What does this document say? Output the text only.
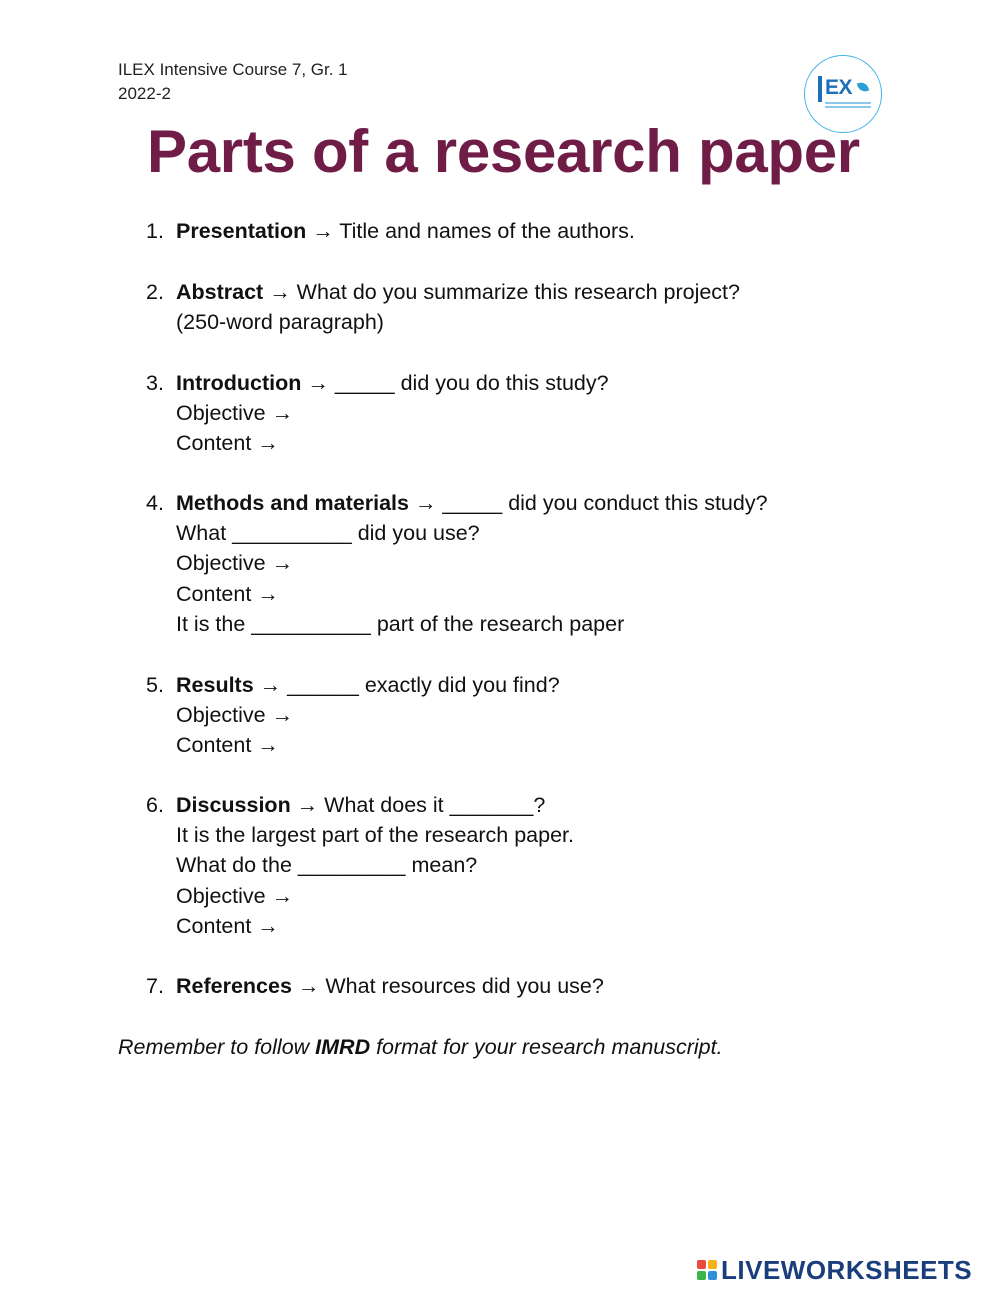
ILEX Intensive Course 7, Gr. 1
2022-2	EX
Parts of a research paper
1. Presentation → Title and names of the authors.
2. Abstract → What do you summarize this research project?
(250-word paragraph)
3. Introduction → _____ did you do this study?
Objective →
Content →
4. Methods and materials → _____ did you conduct this study?
What __________ did you use?
Objective →
Content →
It is the __________ part of the research paper
5. Results → ______ exactly did you find?
Objective →
Content →
6. Discussion → What does it _______?
It is the largest part of the research paper.
What do the _________ mean?
Objective →
Content →
7. References → What resources did you use?
Remember to follow IMRD format for your research manuscript.
LIVEWORKSHEETS
